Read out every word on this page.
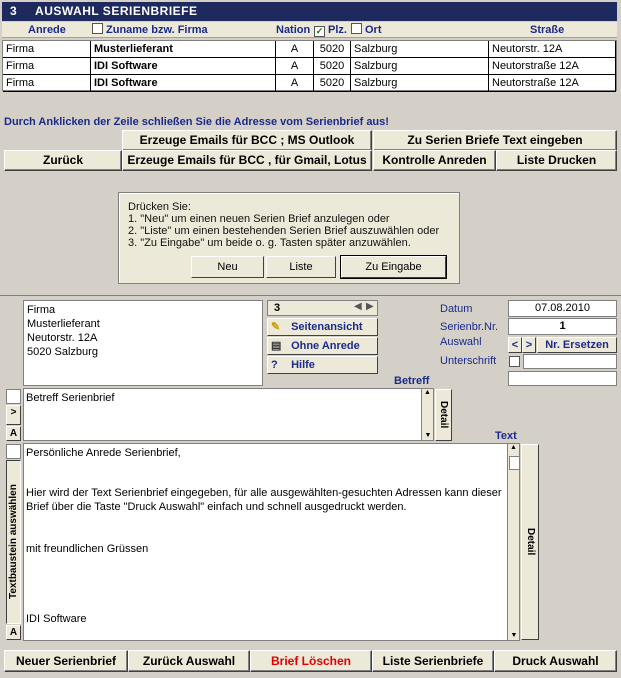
3 AUSWAHL SERIENBRIEFE
Anrede	Zuname bzw. Firma	Nation ✓ Plz.	Ort	Straße
Firma	Musterlieferant	A	5020 Salzburg	Neutorstr. 12A
Firma	IDI Software	A	5020 Salzburg	Neutorstraße 12A
Firma	IDI Software	A	5020 Salzburg	Neutorstraße 12A
Durch Anklicken der Zeile schließen Sie die Adresse vom Serienbrief aus!
Erzeuge Emails für BCC ; MS Outlook	Zu Serien Briefe Text eingeben
Zurück	Erzeuge Emails für BCC , für Gmail, Lotus	Kontrolle Anreden	Liste Drucken
Drücken Sie:
1. "Neu" um einen neuen Serien Brief anzulegen oder
2. "Liste" um einen bestehenden Serien Brief auszuwählen oder
3. "Zu Eingabe" um beide o. g. Tasten später anzuwählen.
Neu	Liste	Zu Eingabe
Firma
Musterlieferant
Neutorstr. 12A
5020 Salzburg
3	◀ ▶
✎ Seitenansicht
▤ Ohne Anrede
? Hilfe
Datum	07.08.2010
Serienbr.Nr.	1
Auswahl	< >	Nr. Ersetzen
Unterschrift
Betreff
>
A
Betreff Serienbrief	▲
▼
Detail
Text
Textbaustein auswählen
A
Persönliche Anrede Serienbrief,
Hier wird der Text Serienbrief eingegeben, für alle ausgewählten-gesuchten Adressen kann dieser
Brief über die Taste "Druck Auswahl" einfach und schnell ausgedruckt werden.
mit freundlichen Grüssen
IDI Software
▲
▼
Detail
Neuer Serienbrief	Zurück Auswahl	Brief Löschen	Liste Serienbriefe	Druck Auswahl
